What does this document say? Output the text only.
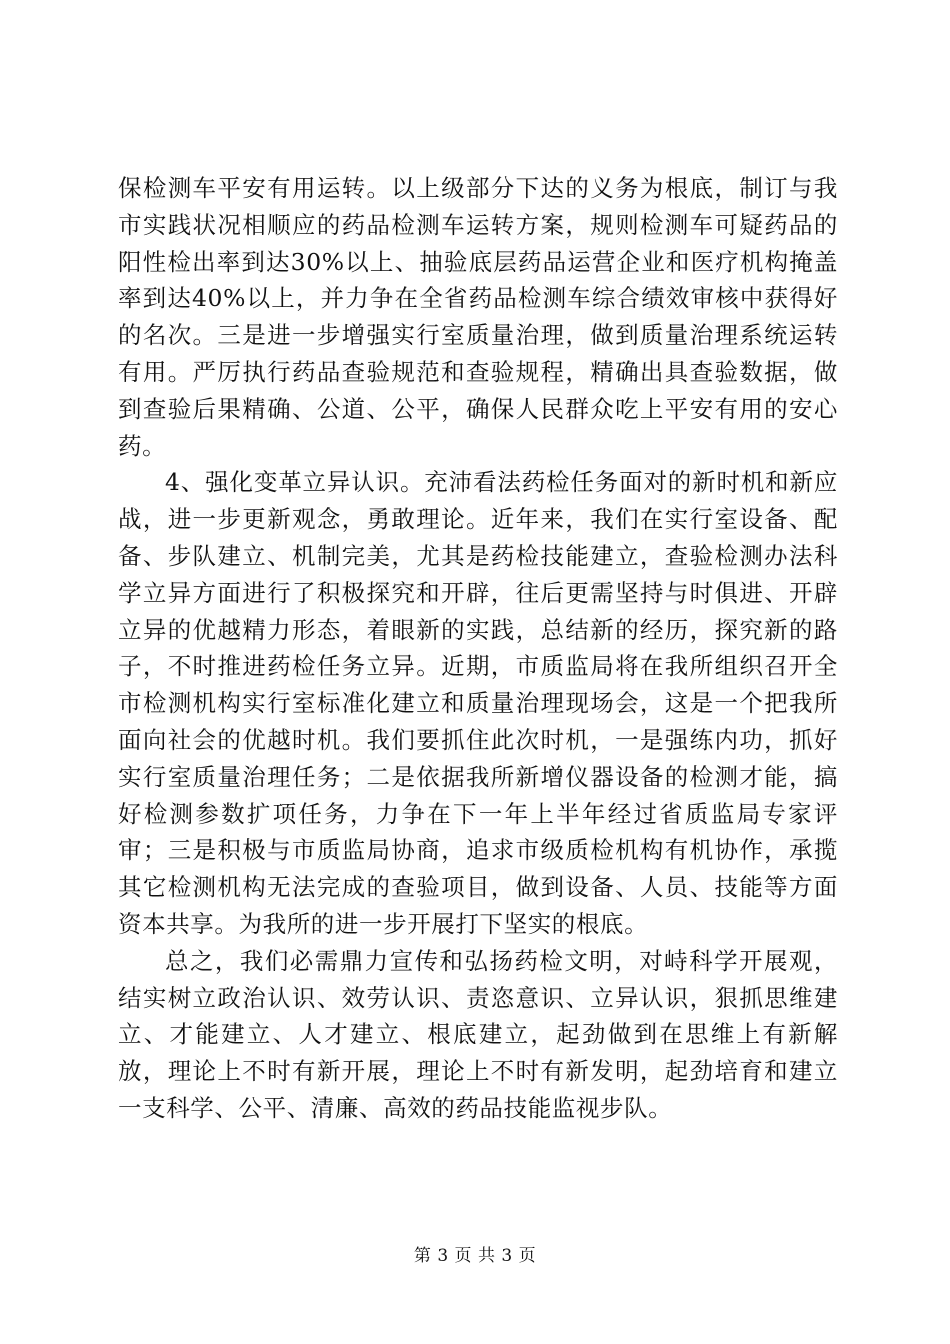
保检测车平安有用运转。以上级部分下达的义务为根底，制订与我市实践状况相顺应的药品检测车运转方案，规则检测车可疑药品的阳性检出率到达30%以上、抽验底层药品运营企业和医疗机构掩盖率到达40%以上，并力争在全省药品检测车综合绩效审核中获得好的名次。三是进一步增强实行室质量治理，做到质量治理系统运转有用。严厉执行药品查验规范和查验规程，精确出具查验数据，做到查验后果精确、公道、公平，确保人民群众吃上平安有用的安心药。

4、强化变革立异认识。充沛看法药检任务面对的新时机和新应战，进一步更新观念，勇敢理论。近年来，我们在实行室设备、配备、步队建立、机制完美，尤其是药检技能建立，查验检测办法科学立异方面进行了积极探究和开辟，往后更需坚持与时俱进、开辟立异的优越精力形态，着眼新的实践，总结新的经历，探究新的路子，不时推进药检任务立异。近期，市质监局将在我所组织召开全市检测机构实行室标准化建立和质量治理现场会，这是一个把我所面向社会的优越时机。我们要抓住此次时机，一是强练内功，抓好实行室质量治理任务；二是依据我所新增仪器设备的检测才能，搞好检测参数扩项任务，力争在下一年上半年经过省质监局专家评审；三是积极与市质监局协商，追求市级质检机构有机协作，承揽其它检测机构无法完成的查验项目，做到设备、人员、技能等方面资本共享。为我所的进一步开展打下坚实的根底。

总之，我们必需鼎力宣传和弘扬药检文明，对峙科学开展观，结实树立政治认识、效劳认识、责恣意识、立异认识，狠抓思维建立、才能建立、人才建立、根底建立，起劲做到在思维上有新解放，理论上不时有新开展，理论上不时有新发明，起劲培育和建立一支科学、公平、清廉、高效的药品技能监视步队。

第 3 页 共 3 页
